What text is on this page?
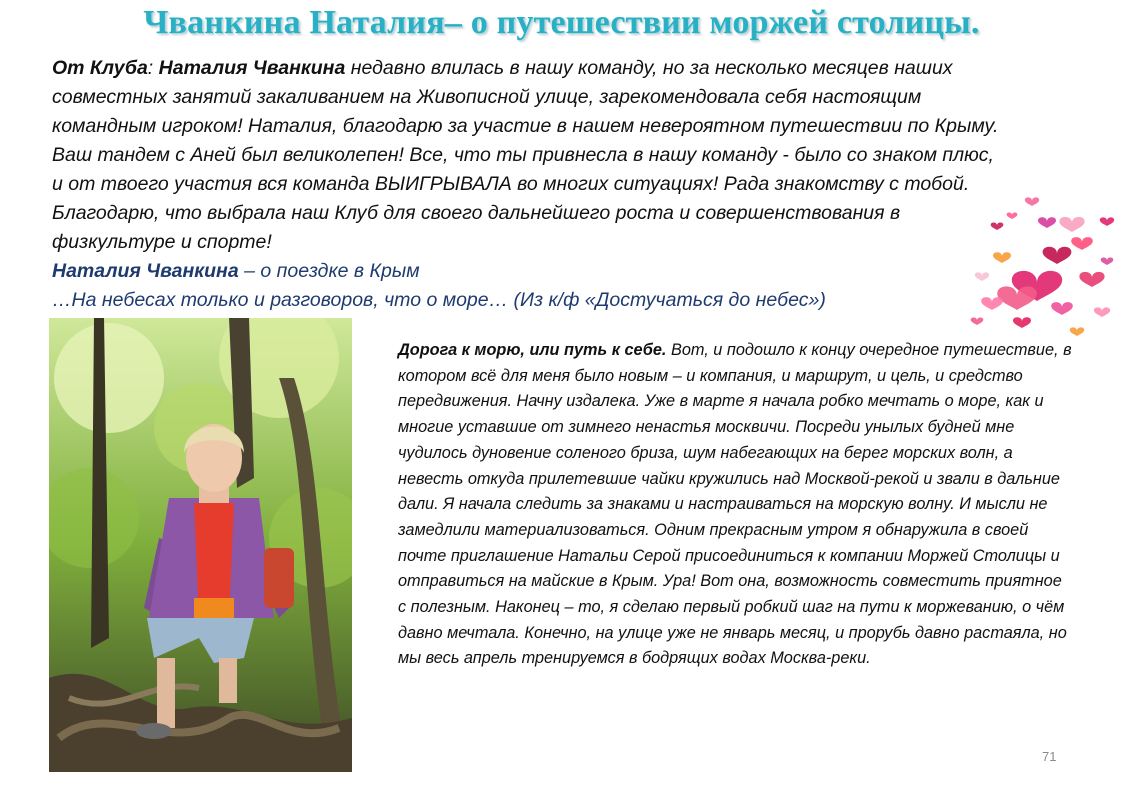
Чванкина Наталия– о путешествии моржей столицы.
От Клуба: Наталия Чванкина недавно влилась в нашу команду, но за несколько месяцев наших совместных занятий закаливанием на Живописной улице, зарекомендовала себя настоящим командным игроком! Наталия, благодарю за участие в нашем невероятном путешествии по Крыму. Ваш тандем с Аней был великолепен! Все, что ты привнесла в нашу команду - было со знаком плюс, и от твоего участия вся команда ВЫИГРЫВАЛА во многих ситуациях! Рада знакомству с тобой. Благодарю, что выбрала наш Клуб для своего дальнейшего роста и совершенствования в физкультуре и спорте!
Наталия Чванкина – о поездке в Крым
…На небесах только и разговоров, что о море… (Из к/ф «Достучаться до небес»)
Дорога к морю, или путь к себе. Вот, и подошло к концу очередное путешествие, в котором всё для меня было новым – и компания, и маршрут, и цель, и средство передвижения. Начну издалека. Уже в марте я начала робко мечтать о море, как и многие уставшие от зимнего ненастья москвичи. Посреди унылых будней мне чудилось дуновение соленого бриза, шум набегающих на берег морских волн, а невесть откуда прилетевшие чайки кружились над Москвой-рекой и звали в дальние дали. Я начала следить за знаками и настраиваться на морскую волну. И мысли не замедлили материализоваться. Одним прекрасным утром я обнаружила в своей почте приглашение Натальи Серой присоединиться к компании Моржей Столицы и отправиться на майские в Крым. Ура! Вот она, возможность совместить приятное с полезным. Наконец – то, я сделаю первый робкий шаг на пути к моржеванию, о чём давно мечтала. Конечно, на улице уже не январь месяц, и прорубь давно растаяла, но мы весь апрель тренируемся в бодрящих водах Москва-реки.
71
